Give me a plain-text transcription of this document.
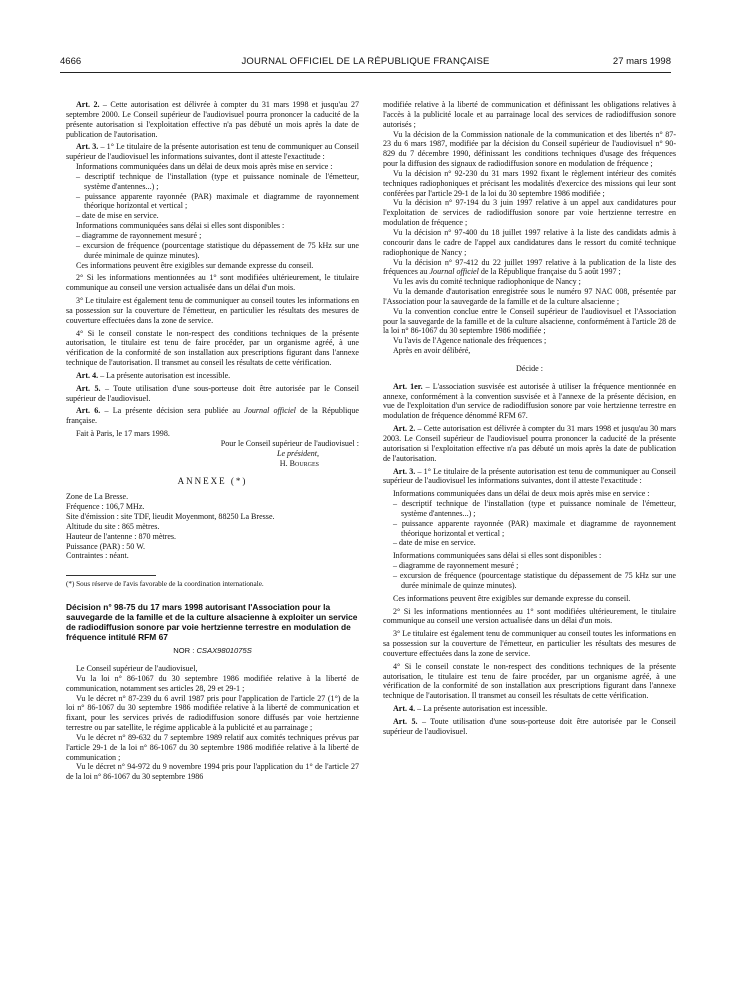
4666	JOURNAL OFFICIEL DE LA RÉPUBLIQUE FRANÇAISE	27 mars 1998

Art. 2. – Cette autorisation est délivrée à compter du 31 mars 1998 et jusqu'au 27 septembre 2000. Le Conseil supérieur de l'audiovisuel pourra prononcer la caducité de la présente autorisation si l'exploitation effective n'a pas débuté un mois après la date de publication de l'autorisation.

Art. 3. – 1° Le titulaire de la présente autorisation est tenu de communiquer au Conseil supérieur de l'audiovisuel les informations suivantes, dont il atteste l'exactitude :

Informations communiquées dans un délai de deux mois après mise en service :

– descriptif technique de l'installation (type et puissance nominale de l'émetteur, système d'antennes...) ;

– puissance apparente rayonnée (PAR) maximale et diagramme de rayonnement théorique horizontal et vertical ;

– date de mise en service.

Informations communiquées sans délai si elles sont disponibles :

– diagramme de rayonnement mesuré ;

– excursion de fréquence (pourcentage statistique du dépassement de 75 kHz sur une durée minimale de quinze minutes).

Ces informations peuvent être exigibles sur demande expresse du conseil.

2° Si les informations mentionnées au 1° sont modifiées ultérieurement, le titulaire communique au conseil une version actualisée dans un délai d'un mois.

3° Le titulaire est également tenu de communiquer au conseil toutes les informations en sa possession sur la couverture de l'émetteur, en particulier les résultats des mesures de couverture effectuées dans la zone de service.

4° Si le conseil constate le non-respect des conditions techniques de la présente autorisation, le titulaire est tenu de faire procéder, par un organisme agréé, à une vérification de la conformité de son installation aux prescriptions figurant dans l'annexe technique de l'autorisation. Il transmet au conseil les résultats de cette vérification.

Art. 4. – La présente autorisation est incessible.

Art. 5. – Toute utilisation d'une sous-porteuse doit être autorisée par le Conseil supérieur de l'audiovisuel.

Art. 6. – La présente décision sera publiée au Journal officiel de la République française.

Fait à Paris, le 17 mars 1998.

Pour le Conseil supérieur de l'audiovisuel :

Le président,

H. Bourges

ANNEXE (*)

Zone de La Bresse.

Fréquence : 106,7 MHz.

Site d'émission : site TDF, lieudit Moyenmont, 88250 La Bresse.

Altitude du site : 865 mètres.

Hauteur de l'antenne : 870 mètres.

Puissance (PAR) : 50 W.

Contraintes : néant.

(*) Sous réserve de l'avis favorable de la coordination internationale.

Décision n° 98-75 du 17 mars 1998 autorisant l'Association pour la sauvegarde de la famille et de la culture alsacienne à exploiter un service de radiodiffusion sonore par voie hertzienne terrestre en modulation de fréquence intitulé RFM 67

NOR : CSAX9801075S

Le Conseil supérieur de l'audiovisuel,

Vu la loi n° 86-1067 du 30 septembre 1986 modifiée relative à la liberté de communication, notamment ses articles 28, 29 et 29-1 ;

Vu le décret n° 87-239 du 6 avril 1987 pris pour l'application de l'article 27 (1°) de la loi n° 86-1067 du 30 septembre 1986 modifiée relative à la liberté de communication et fixant, pour les services privés de radiodiffusion sonore diffusés par voie hertzienne terrestre ou par satellite, le régime applicable à la publicité et au parrainage ;

Vu le décret n° 89-632 du 7 septembre 1989 relatif aux comités techniques prévus par l'article 29-1 de la loi n° 86-1067 du 30 septembre 1986 modifiée relative à la liberté de communication ;

Vu le décret n° 94-972 du 9 novembre 1994 pris pour l'application du 1° de l'article 27 de la loi n° 86-1067 du 30 septembre 1986

modifiée relative à la liberté de communication et définissant les obligations relatives à l'accès à la publicité locale et au parrainage local des services de radiodiffusion sonore autorisés ;

Vu la décision de la Commission nationale de la communication et des libertés n° 87-23 du 6 mars 1987, modifiée par la décision du Conseil supérieur de l'audiovisuel n° 90-829 du 7 décembre 1990, définissant les conditions techniques d'usage des fréquences pour la diffusion des signaux de radiodiffusion sonore en modulation de fréquence ;

Vu la décision n° 92-230 du 31 mars 1992 fixant le règlement intérieur des comités techniques radiophoniques et précisant les modalités d'exercice des missions qui leur sont conférées par l'article 29-1 de la loi du 30 septembre 1986 modifiée ;

Vu la décision n° 97-194 du 3 juin 1997 relative à un appel aux candidatures pour l'exploitation de services de radiodiffusion sonore par voie hertzienne terrestre en modulation de fréquence ;

Vu la décision n° 97-400 du 18 juillet 1997 relative à la liste des candidats admis à concourir dans le cadre de l'appel aux candidatures dans le ressort du comité technique radiophonique de Nancy ;

Vu la décision n° 97-412 du 22 juillet 1997 relative à la publication de la liste des fréquences au Journal officiel de la République française du 5 août 1997 ;

Vu les avis du comité technique radiophonique de Nancy ;

Vu la demande d'autorisation enregistrée sous le numéro 97 NAC 008, présentée par l'Association pour la sauvegarde de la famille et de la culture alsacienne ;

Vu la convention conclue entre le Conseil supérieur de l'audiovisuel et l'Association pour la sauvegarde de la famille et de la culture alsacienne, conformément à l'article 28 de la loi n° 86-1067 du 30 septembre 1986 modifiée ;

Vu l'avis de l'Agence nationale des fréquences ;

Après en avoir délibéré,

Décide :

Art. 1er. – L'association susvisée est autorisée à utiliser la fréquence mentionnée en annexe, conformément à la convention susvisée et à l'annexe de la présente décision, en vue de l'exploitation d'un service de radiodiffusion sonore par voie hertzienne terrestre en modulation de fréquence dénommé RFM 67.

Art. 2. – Cette autorisation est délivrée à compter du 31 mars 1998 et jusqu'au 30 mars 2003. Le Conseil supérieur de l'audiovisuel pourra prononcer la caducité de la présente autorisation si l'exploitation effective n'a pas débuté un mois après la date de publication de l'autorisation.

Art. 3. – 1° Le titulaire de la présente autorisation est tenu de communiquer au Conseil supérieur de l'audiovisuel les informations suivantes, dont il atteste l'exactitude :

Informations communiquées dans un délai de deux mois après mise en service :

– descriptif technique de l'installation (type et puissance nominale de l'émetteur, système d'antennes...) ;

– puissance apparente rayonnée (PAR) maximale et diagramme de rayonnement théorique horizontal et vertical ;

– date de mise en service.

Informations communiquées sans délai si elles sont disponibles :

– diagramme de rayonnement mesuré ;

– excursion de fréquence (pourcentage statistique du dépassement de 75 kHz sur une durée minimale de quinze minutes).

Ces informations peuvent être exigibles sur demande expresse du conseil.

2° Si les informations mentionnées au 1° sont modifiées ultérieurement, le titulaire communique au conseil une version actualisée dans un délai d'un mois.

3° Le titulaire est également tenu de communiquer au conseil toutes les informations en sa possession sur la couverture de l'émetteur, en particulier les résultats des mesures de couverture effectuées dans la zone de service.

4° Si le conseil constate le non-respect des conditions techniques de la présente autorisation, le titulaire est tenu de faire procéder, par un organisme agréé, à une vérification de la conformité de son installation aux prescriptions figurant dans l'annexe technique de l'autorisation. Il transmet au conseil les résultats de cette vérification.

Art. 4. – La présente autorisation est incessible.

Art. 5. – Toute utilisation d'une sous-porteuse doit être autorisée par le Conseil supérieur de l'audiovisuel.
